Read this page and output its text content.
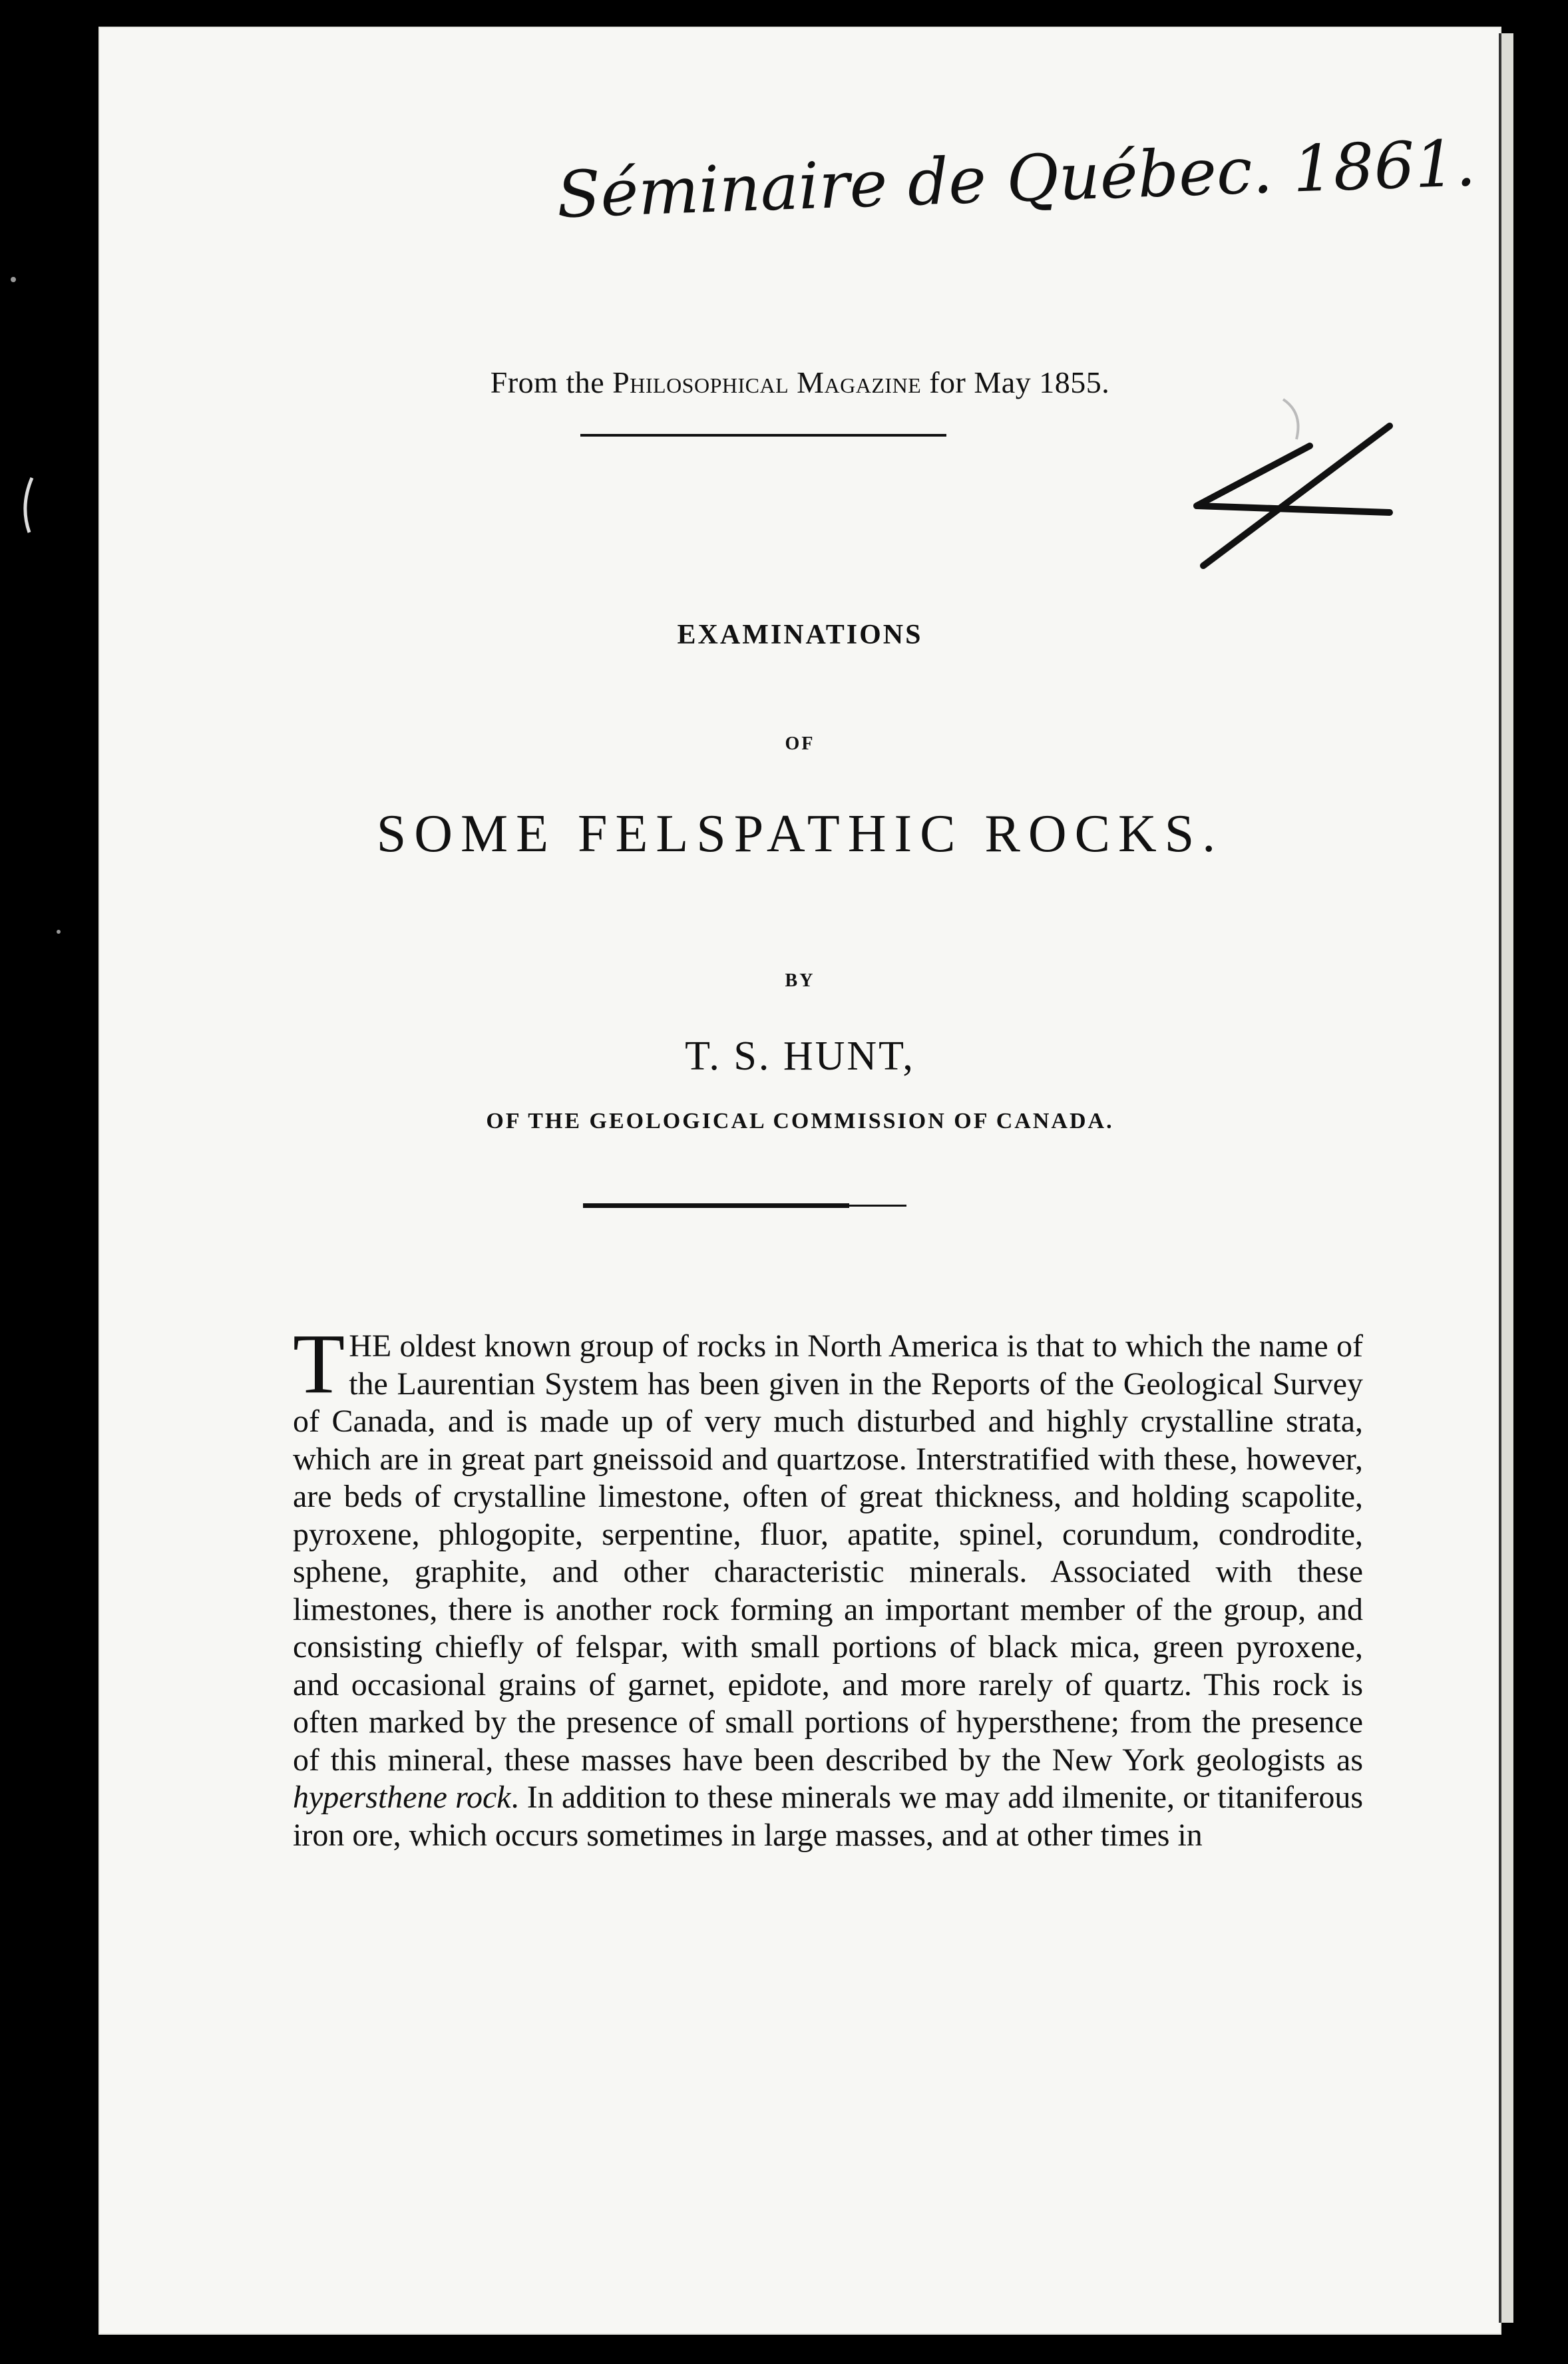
Séminaire de Québec. 1861.
4
From the Philosophical Magazine for May 1855.
EXAMINATIONS
OF
SOME FELSPATHIC ROCKS.
BY
T. S. HUNT,
OF THE GEOLOGICAL COMMISSION OF CANADA.
THE oldest known group of rocks in North America is that to which the name of the Laurentian System has been given in the Reports of the Geological Survey of Canada, and is made up of very much disturbed and highly crystalline strata, which are in great part gneissoid and quartzose. Interstratified with these, however, are beds of crystalline limestone, often of great thickness, and holding scapolite, pyroxene, phlogopite, serpentine, fluor, apatite, spinel, corundum, condrodite, sphene, graphite, and other characteristic minerals. Associated with these limestones, there is another rock forming an important member of the group, and consisting chiefly of felspar, with small portions of black mica, green pyroxene, and occasional grains of garnet, epidote, and more rarely of quartz. This rock is often marked by the presence of small portions of hypersthene; from the presence of this mineral, these masses have been described by the New York geologists as hypersthene rock. In addition to these minerals we may add ilmenite, or titaniferous iron ore, which occurs sometimes in large masses, and at other times in
